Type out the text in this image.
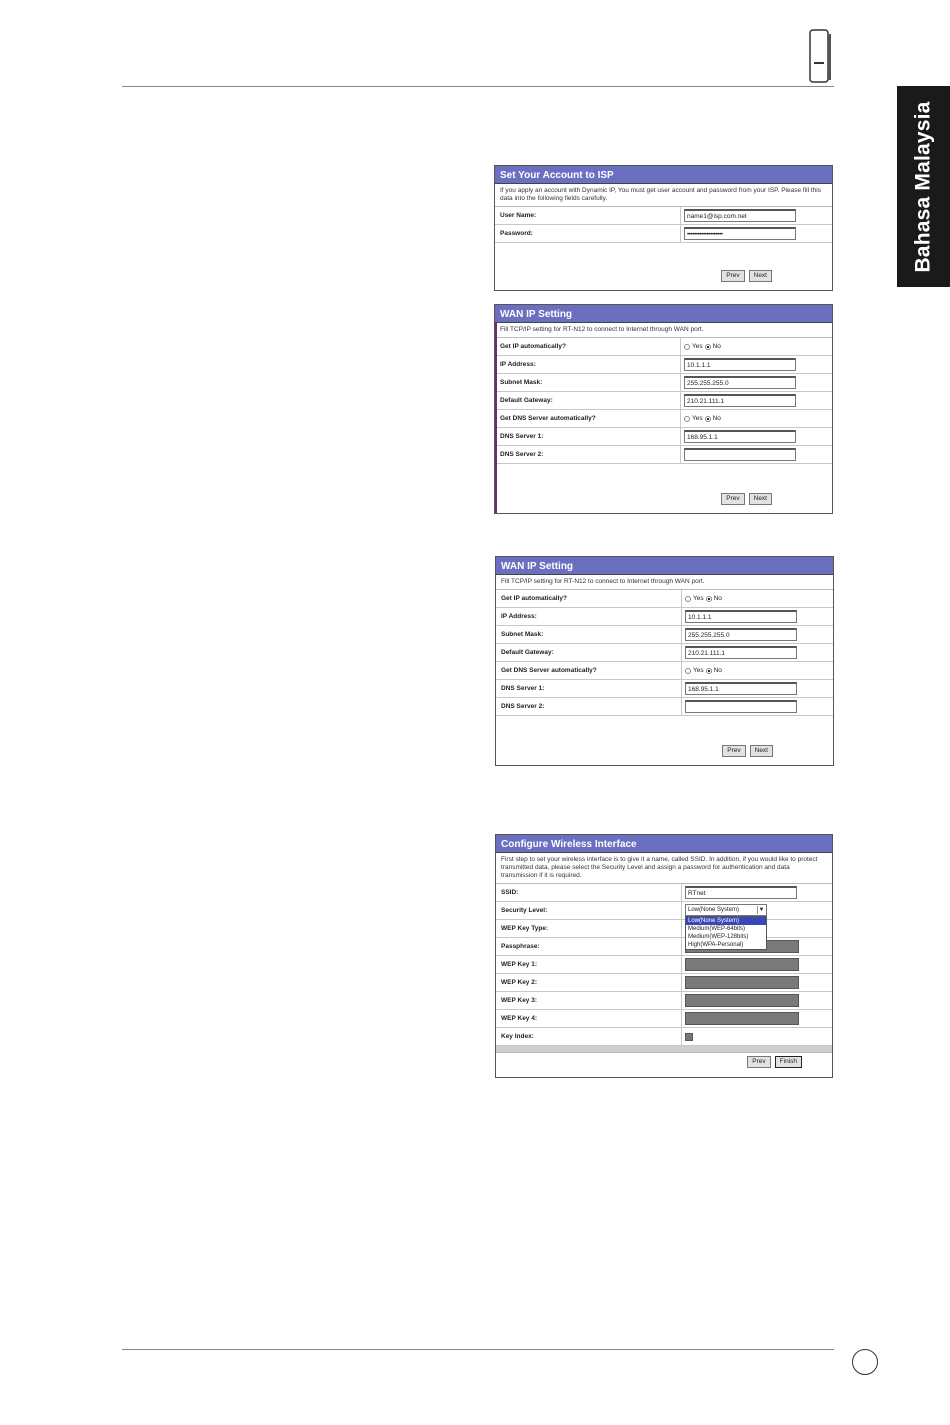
Bahasa Malaysia
Set Your Account to ISP
If you apply an account with Dynamic IP, You must get user account and password from your ISP. Please fill this data into the following fields carefully.
User Name:	name1@isp.com.net
Password:	••••••••••••••••••••
Prev	Next
WAN IP Setting
Fill TCP/IP setting for RT-N12 to connect to Internet through WAN port.
Get IP automatically?	Yes No
IP Address:	10.1.1.1
Subnet Mask:	255.255.255.0
Default Gateway:	210.21.111.1
Get DNS Server automatically?	Yes No
DNS Server 1:	168.95.1.1
DNS Server 2:
Prev	Next
WAN IP Setting
Fill TCP/IP setting for RT-N12 to connect to Internet through WAN port.
Get IP automatically?	Yes No
IP Address:	10.1.1.1
Subnet Mask:	255.255.255.0
Default Gateway:	210.21.111.1
Get DNS Server automatically?	Yes No
DNS Server 1:	168.95.1.1
DNS Server 2:
Prev	Next
Configure Wireless Interface
First step to set your wireless interface is to give it a name, called SSID. In addition, if you would like to protect transmitted data, please select the Security Level and assign a password for authentication and data transmission if it is required.
SSID:	RTnet
Security Level:	Low(None System)	▼
Low(None System)
Medium(WEP-64bits)
Medium(WEP-128bits)
High(WPA-Personal)
WEP Key Type:
Passphrase:
WEP Key 1:
WEP Key 2:
WEP Key 3:
WEP Key 4:
Key Index:
Prev	Finish
